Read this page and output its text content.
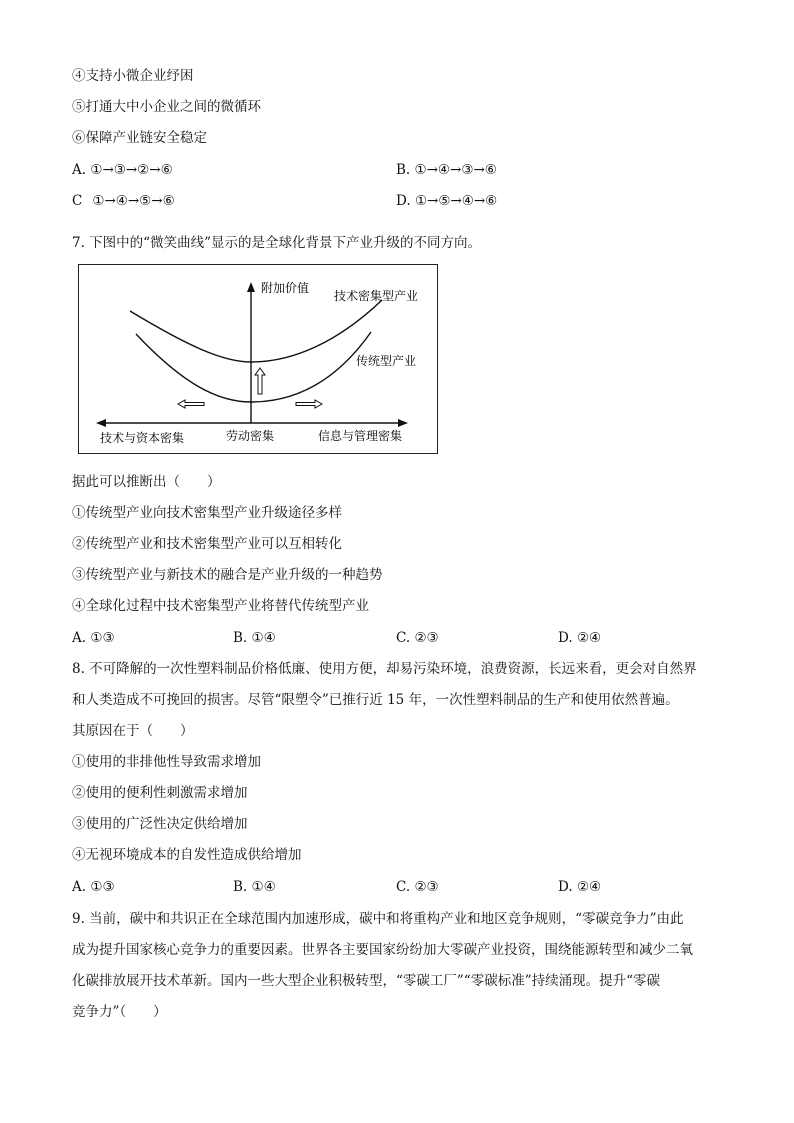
④支持小微企业纾困
⑤打通大中小企业之间的微循环
⑥保障产业链安全稳定
A. ①→③→②→⑥	B. ①→④→③→⑥
C ①→④→⑤→⑥	D. ①→⑤→④→⑥
7. 下图中的“微笑曲线”显示的是全球化背景下产业升级的不同方向。
附加价值
技术密集型产业
传统型产业
技术与资本密集	劳动密集	信息与管理密集
据此可以推断出（　　）
①传统型产业向技术密集型产业升级途径多样
②传统型产业和技术密集型产业可以互相转化
③传统型产业与新技术的融合是产业升级的一种趋势
④全球化过程中技术密集型产业将替代传统型产业
A. ①③	B. ①④	C. ②③	D. ②④
8. 不可降解的一次性塑料制品价格低廉、使用方便，却易污染环境，浪费资源，长远来看，更会对自然界
和人类造成不可挽回的损害。尽管“限塑令”已推行近 15 年，一次性塑料制品的生产和使用依然普遍。
其原因在于（　　）
①使用的非排他性导致需求增加
②使用的便利性刺激需求增加
③使用的广泛性决定供给增加
④无视环境成本的自发性造成供给增加
A. ①③	B. ①④	C. ②③	D. ②④
9. 当前，碳中和共识正在全球范围内加速形成，碳中和将重构产业和地区竞争规则，“零碳竞争力”由此
成为提升国家核心竞争力的重要因素。世界各主要国家纷纷加大零碳产业投资，围绕能源转型和减少二氧
化碳排放展开技术革新。国内一些大型企业积极转型，“零碳工厂”“零碳标准”持续涌现。提升“零碳
竞争力”（　　）
